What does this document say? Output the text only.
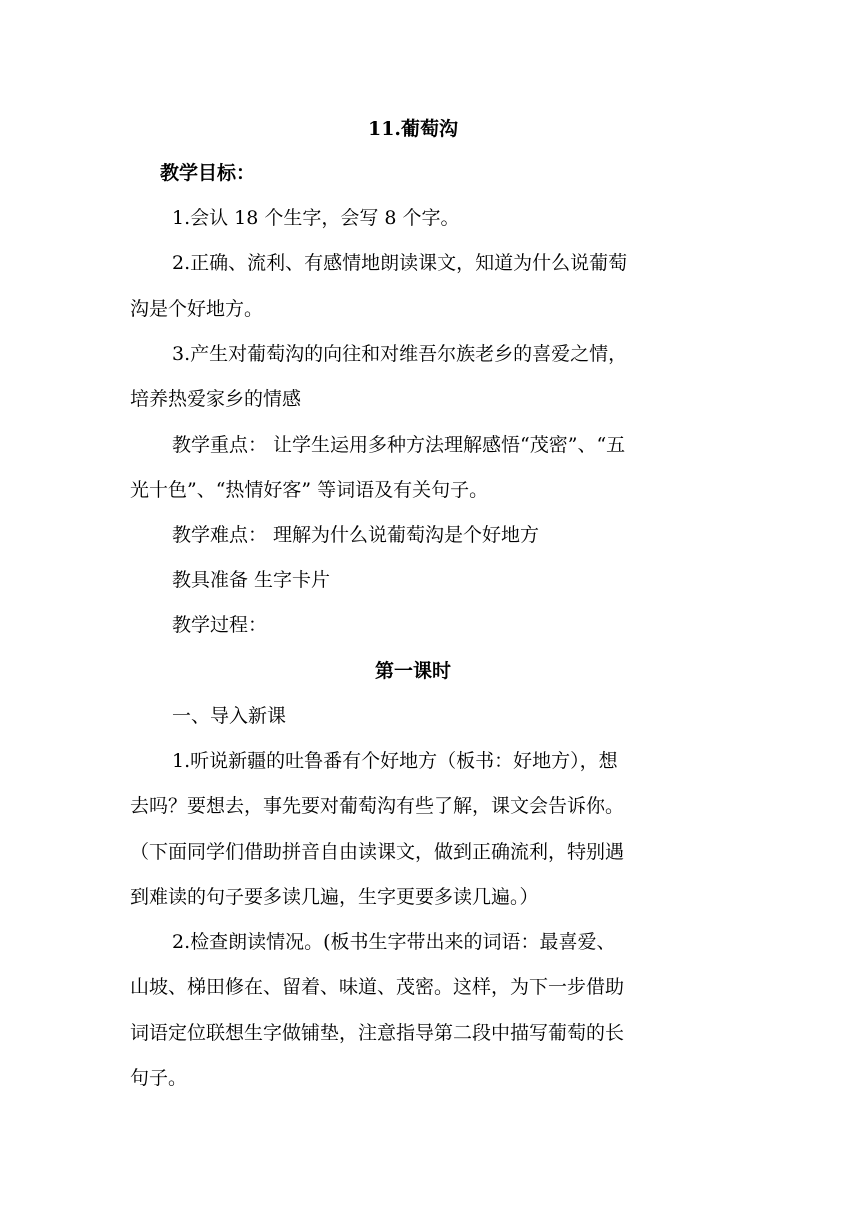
11.葡萄沟
教学目标：
1.会认 18 个生字，会写 8 个字。
2.正确、流利、有感情地朗读课文，知道为什么说葡萄
沟是个好地方。
3.产生对葡萄沟的向往和对维吾尔族老乡的喜爱之情，
培养热爱家乡的情感
教学重点： 让学生运用多种方法理解感悟“茂密”、“五
光十色”、“热情好客” 等词语及有关句子。
教学难点： 理解为什么说葡萄沟是个好地方
教具准备 生字卡片
教学过程：
第一课时
一、导入新课
1.听说新疆的吐鲁番有个好地方（板书：好地方），想
去吗？要想去，事先要对葡萄沟有些了解，课文会告诉你。
（下面同学们借助拼音自由读课文，做到正确流利，特别遇
到难读的句子要多读几遍，生字更要多读几遍。）
2.检查朗读情况。(板书生字带出来的词语：最喜爱、
山坡、梯田修在、留着、味道、茂密。这样，为下一步借助
词语定位联想生字做铺垫，注意指导第二段中描写葡萄的长
句子。
